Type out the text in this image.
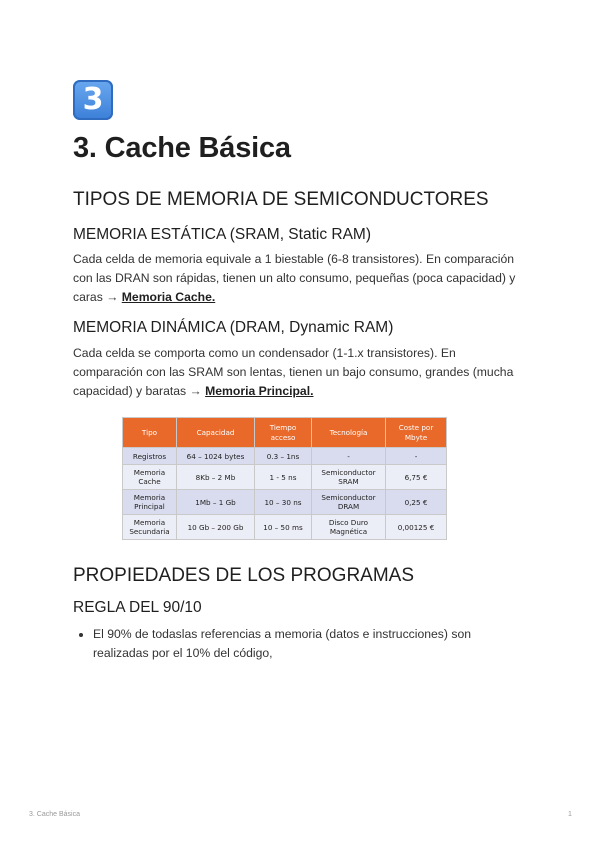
3
3. Cache Básica
TIPOS DE MEMORIA DE SEMICONDUCTORES
MEMORIA ESTÁTICA (SRAM, Static RAM)

Cada celda de memoria equivale a 1 biestable (6-8 transistores). En comparación con las DRAN son rápidas, tienen un alto consumo, pequeñas (poca capacidad) y caras → Memoria Cache.

MEMORIA DINÁMICA (DRAM, Dynamic RAM)

Cada celda se comporta como un condensador (1-1.x transistores). En comparación con las SRAM son lentas, tienen un bajo consumo, grandes (mucha capacidad) y baratas → Memoria Principal.

Tipo	Capacidad	Tiempo acceso	Tecnología	Coste por Mbyte
Registros	64 – 1024 bytes	0.3 – 1ns	-	-
Memoria Cache	8Kb – 2 Mb	1 - 5 ns	Semiconductor SRAM	6,75 €
Memoria Principal	1Mb – 1 Gb	10 – 30 ns	Semiconductor DRAM	0,25 €
Memoria Secundaria	10 Gb – 200 Gb	10 – 50 ms	Disco Duro Magnética	0,00125 €
PROPIEDADES DE LOS PROGRAMAS
REGLA DEL 90/10
• El 90% de todaslas referencias a memoria (datos e instrucciones) son realizadas por el 10% del código,
3. Cache Básica	1
